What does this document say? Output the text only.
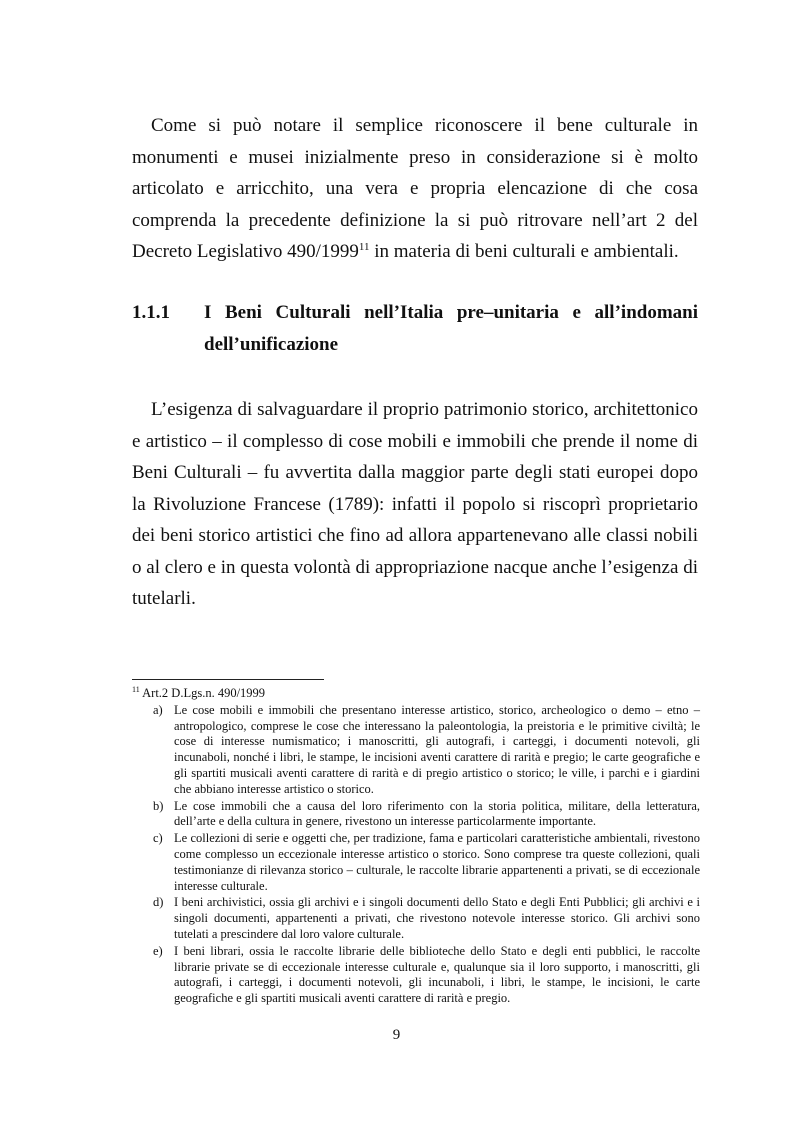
Come si può notare il semplice riconoscere il bene culturale in monumenti e musei inizialmente preso in considerazione si è molto articolato e arricchito, una vera e propria elencazione di che cosa comprenda la precedente definizione la si può ritrovare nell’art 2 del Decreto Legislativo 490/1999$^{11}$ in materia di beni culturali e ambientali.

1.1.1 I Beni Culturali nell’Italia pre–unitaria e all’indomani dell’unificazione

L’esigenza di salvaguardare il proprio patrimonio storico, architettonico e artistico – il complesso di cose mobili e immobili che prende il nome di Beni Culturali – fu avvertita dalla maggior parte degli stati europei dopo la Rivoluzione Francese (1789): infatti il popolo si riscoprì proprietario dei beni storico artistici che fino ad allora appartenevano alle classi nobili o al clero e in questa volontà di appropriazione nacque anche l’esigenza di tutelarli.

$^{11}$ Art.2 D.Lgs.n. 490/1999
a) Le cose mobili e immobili che presentano interesse artistico, storico, archeologico o demo – etno – antropologico, comprese le cose che interessano la paleontologia, la preistoria e le primitive civiltà; le cose di interesse numismatico; i manoscritti, gli autografi, i carteggi, i documenti notevoli, gli incunaboli, nonché i libri, le stampe, le incisioni aventi carattere di rarità e pregio; le carte geografiche e gli spartiti musicali aventi carattere di rarità e di pregio artistico o storico; le ville, i parchi e i giardini che abbiano interesse artistico o storico.
b) Le cose immobili che a causa del loro riferimento con la storia politica, militare, della letteratura, dell’arte e della cultura in genere, rivestono un interesse particolarmente importante.
c) Le collezioni di serie e oggetti che, per tradizione, fama e particolari caratteristiche ambientali, rivestono come complesso un eccezionale interesse artistico o storico. Sono comprese tra queste collezioni, quali testimonianze di rilevanza storico – culturale, le raccolte librarie appartenenti a privati, se di eccezionale interesse culturale.
d) I beni archivistici, ossia gli archivi e i singoli documenti dello Stato e degli Enti Pubblici; gli archivi e i singoli documenti, appartenenti a privati, che rivestono notevole interesse storico. Gli archivi sono tutelati a prescindere dal loro valore culturale.
e) I beni librari, ossia le raccolte librarie delle biblioteche dello Stato e degli enti pubblici, le raccolte librarie private se di eccezionale interesse culturale e, qualunque sia il loro supporto, i manoscritti, gli autografi, i carteggi, i documenti notevoli, gli incunaboli, i libri, le stampe, le incisioni, le carte geografiche e gli spartiti musicali aventi carattere di rarità e pregio.
9
